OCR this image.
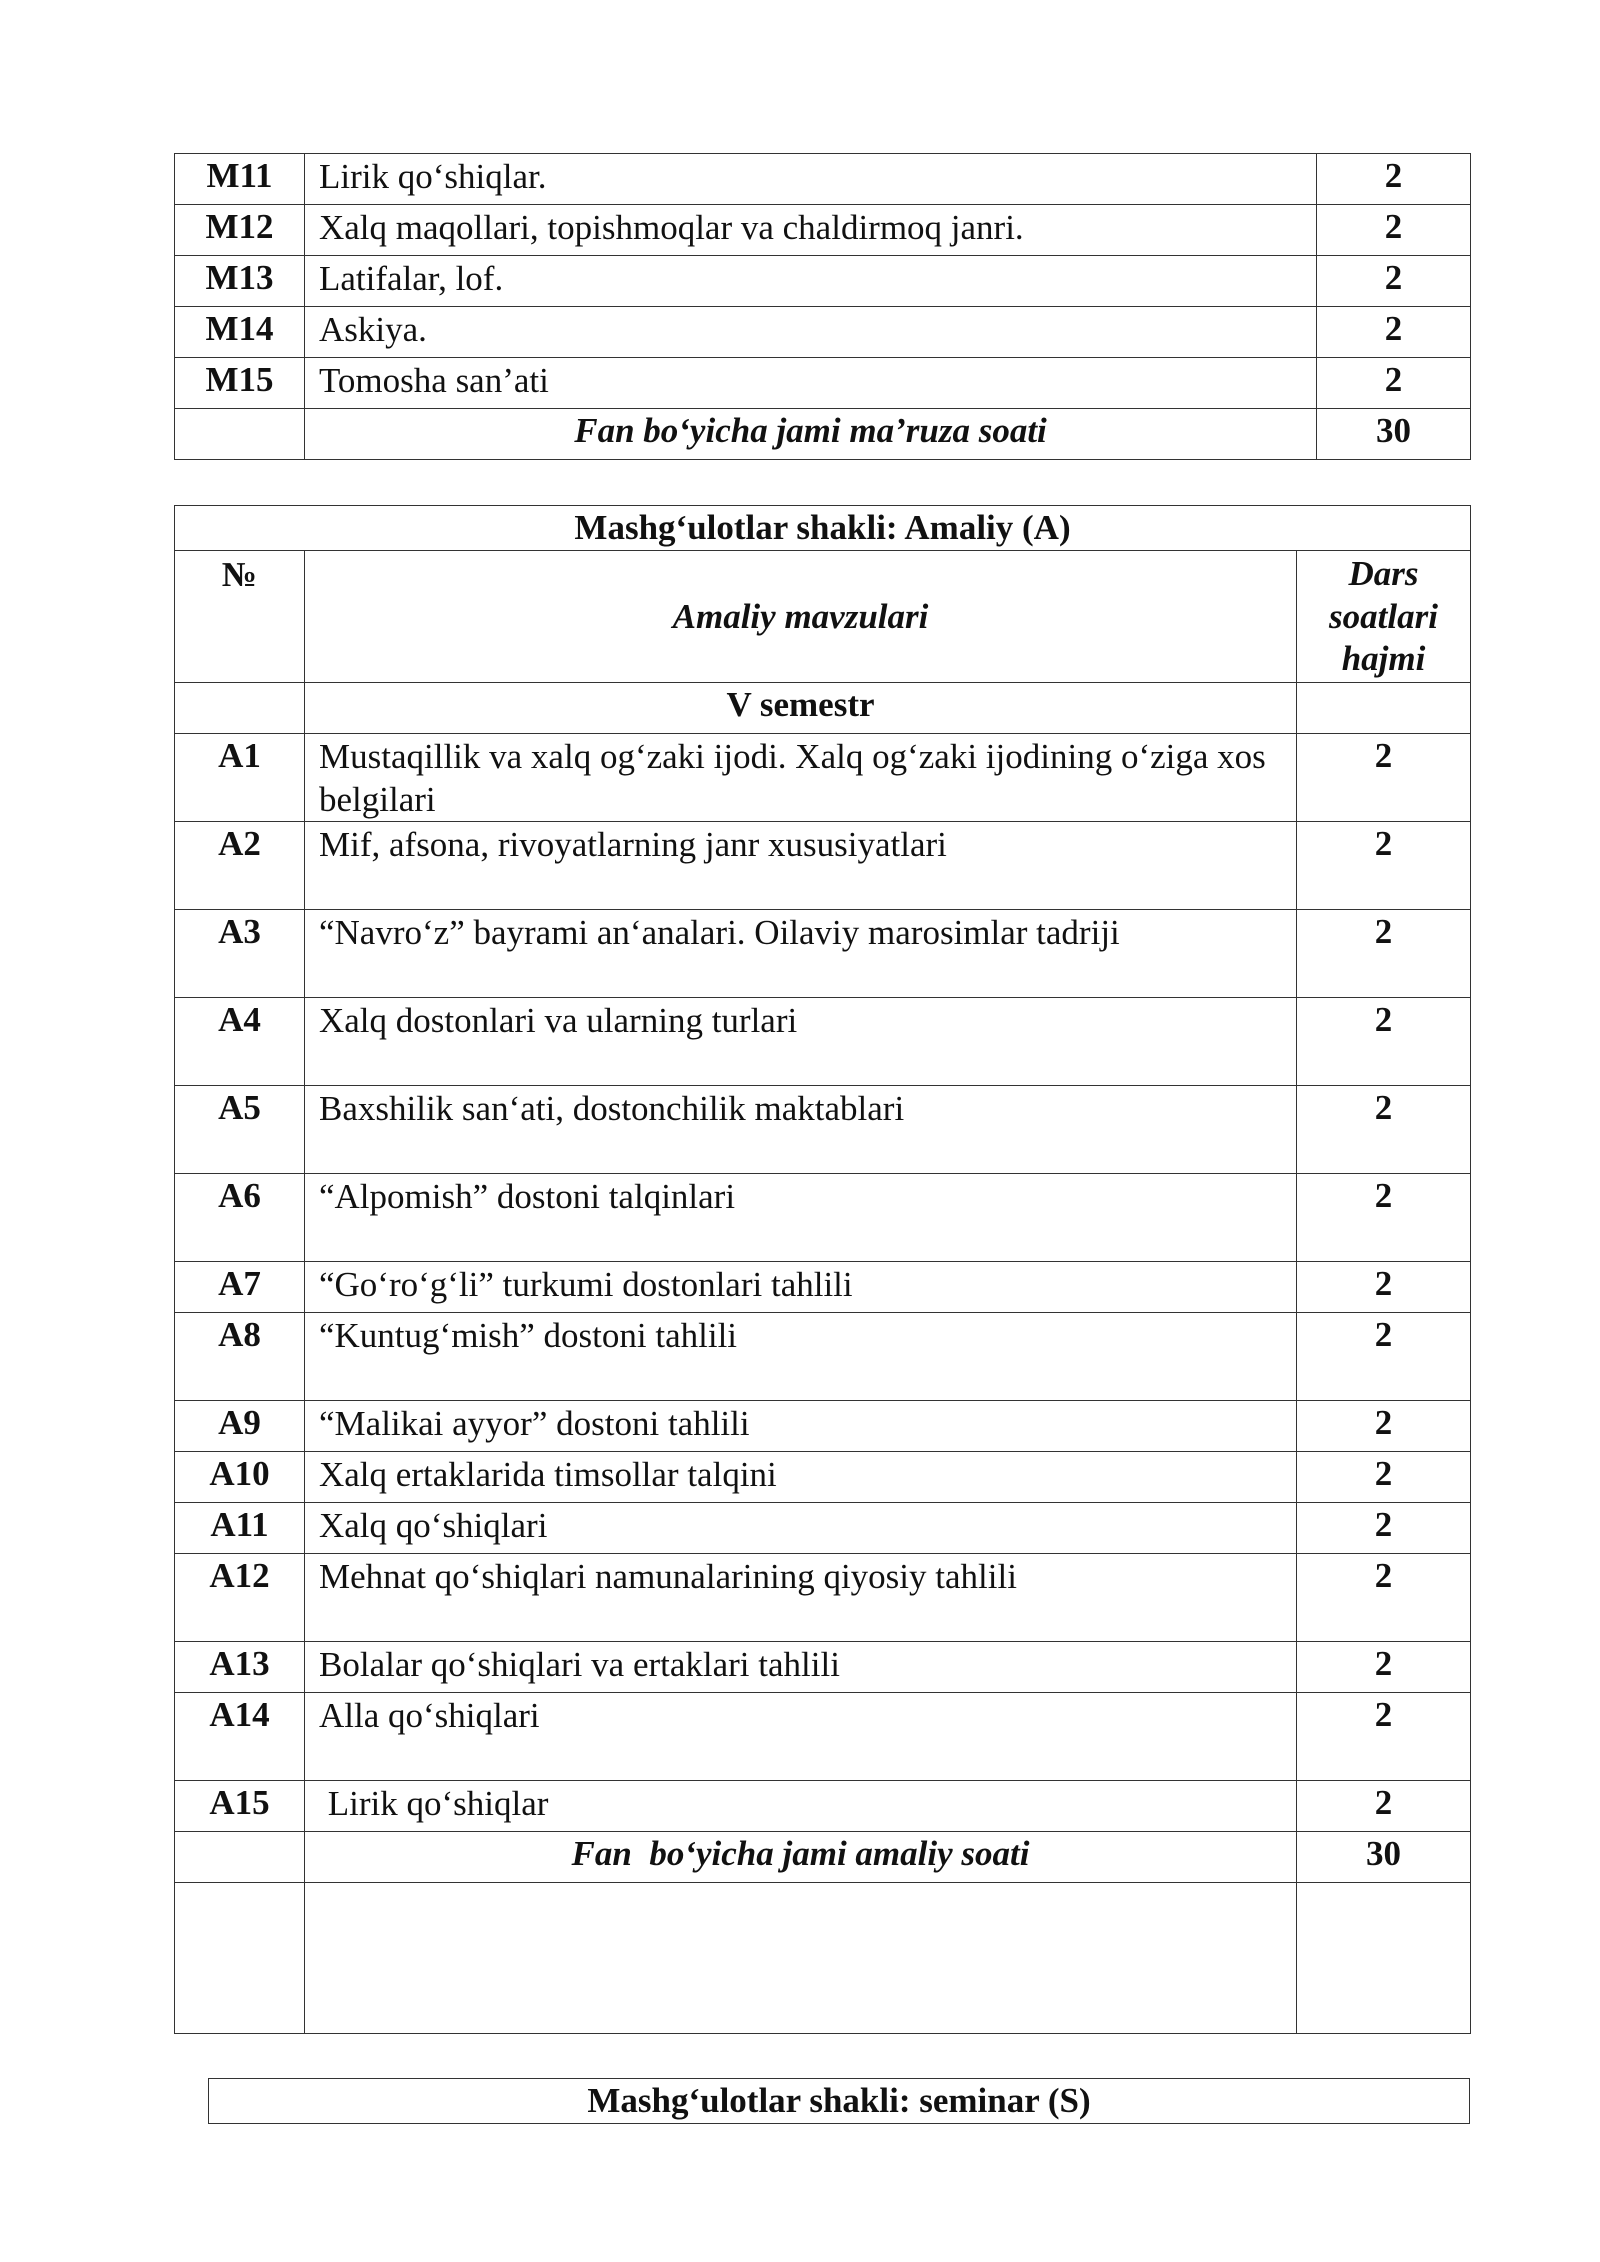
M11	Lirik qo‘shiqlar.	2
M12	Xalq maqollari, topishmoqlar va chaldirmoq janri.	2
M13	Latifalar, lof.	2
M14	Askiya.	2
M15	Tomosha san’ati	2
	Fan bo‘yicha jami ma’ruza soati	30
Mashg‘ulotlar shakli: Amaliy (A)		
№	Amaliy mavzulari	Dars soatlari hajmi
	V semestr	
A1	Mustaqillik va xalq og‘zaki ijodi. Xalq og‘zaki ijodining o‘ziga xos belgilari	2
A2	Mif, afsona, rivoyatlarning janr xususiyatlari	2
A3	“Navro‘z” bayrami an‘analari. Oilaviy marosimlar tadriji	2
A4	Xalq dostonlari va ularning turlari	2
A5	Baxshilik san‘ati, dostonchilik maktablari	2
A6	“Alpomish” dostoni talqinlari	2
A7	“Go‘ro‘g‘li” turkumi dostonlari tahlili	2
A8	“Kuntug‘mish” dostoni tahlili	2
A9	“Malikai ayyor” dostoni tahlili	2
A10	Xalq ertaklarida timsollar talqini	2
A11	Xalq qo‘shiqlari	2
A12	Mehnat qo‘shiqlari namunalarining qiyosiy tahlili	2
A13	Bolalar qo‘shiqlari va ertaklari tahlili	2
A14	Alla qo‘shiqlari	2
A15	Lirik qo‘shiqlar	2
	Fan  bo‘yicha jami amaliy soati	30

Mashg‘ulotlar shakli: seminar (S)
